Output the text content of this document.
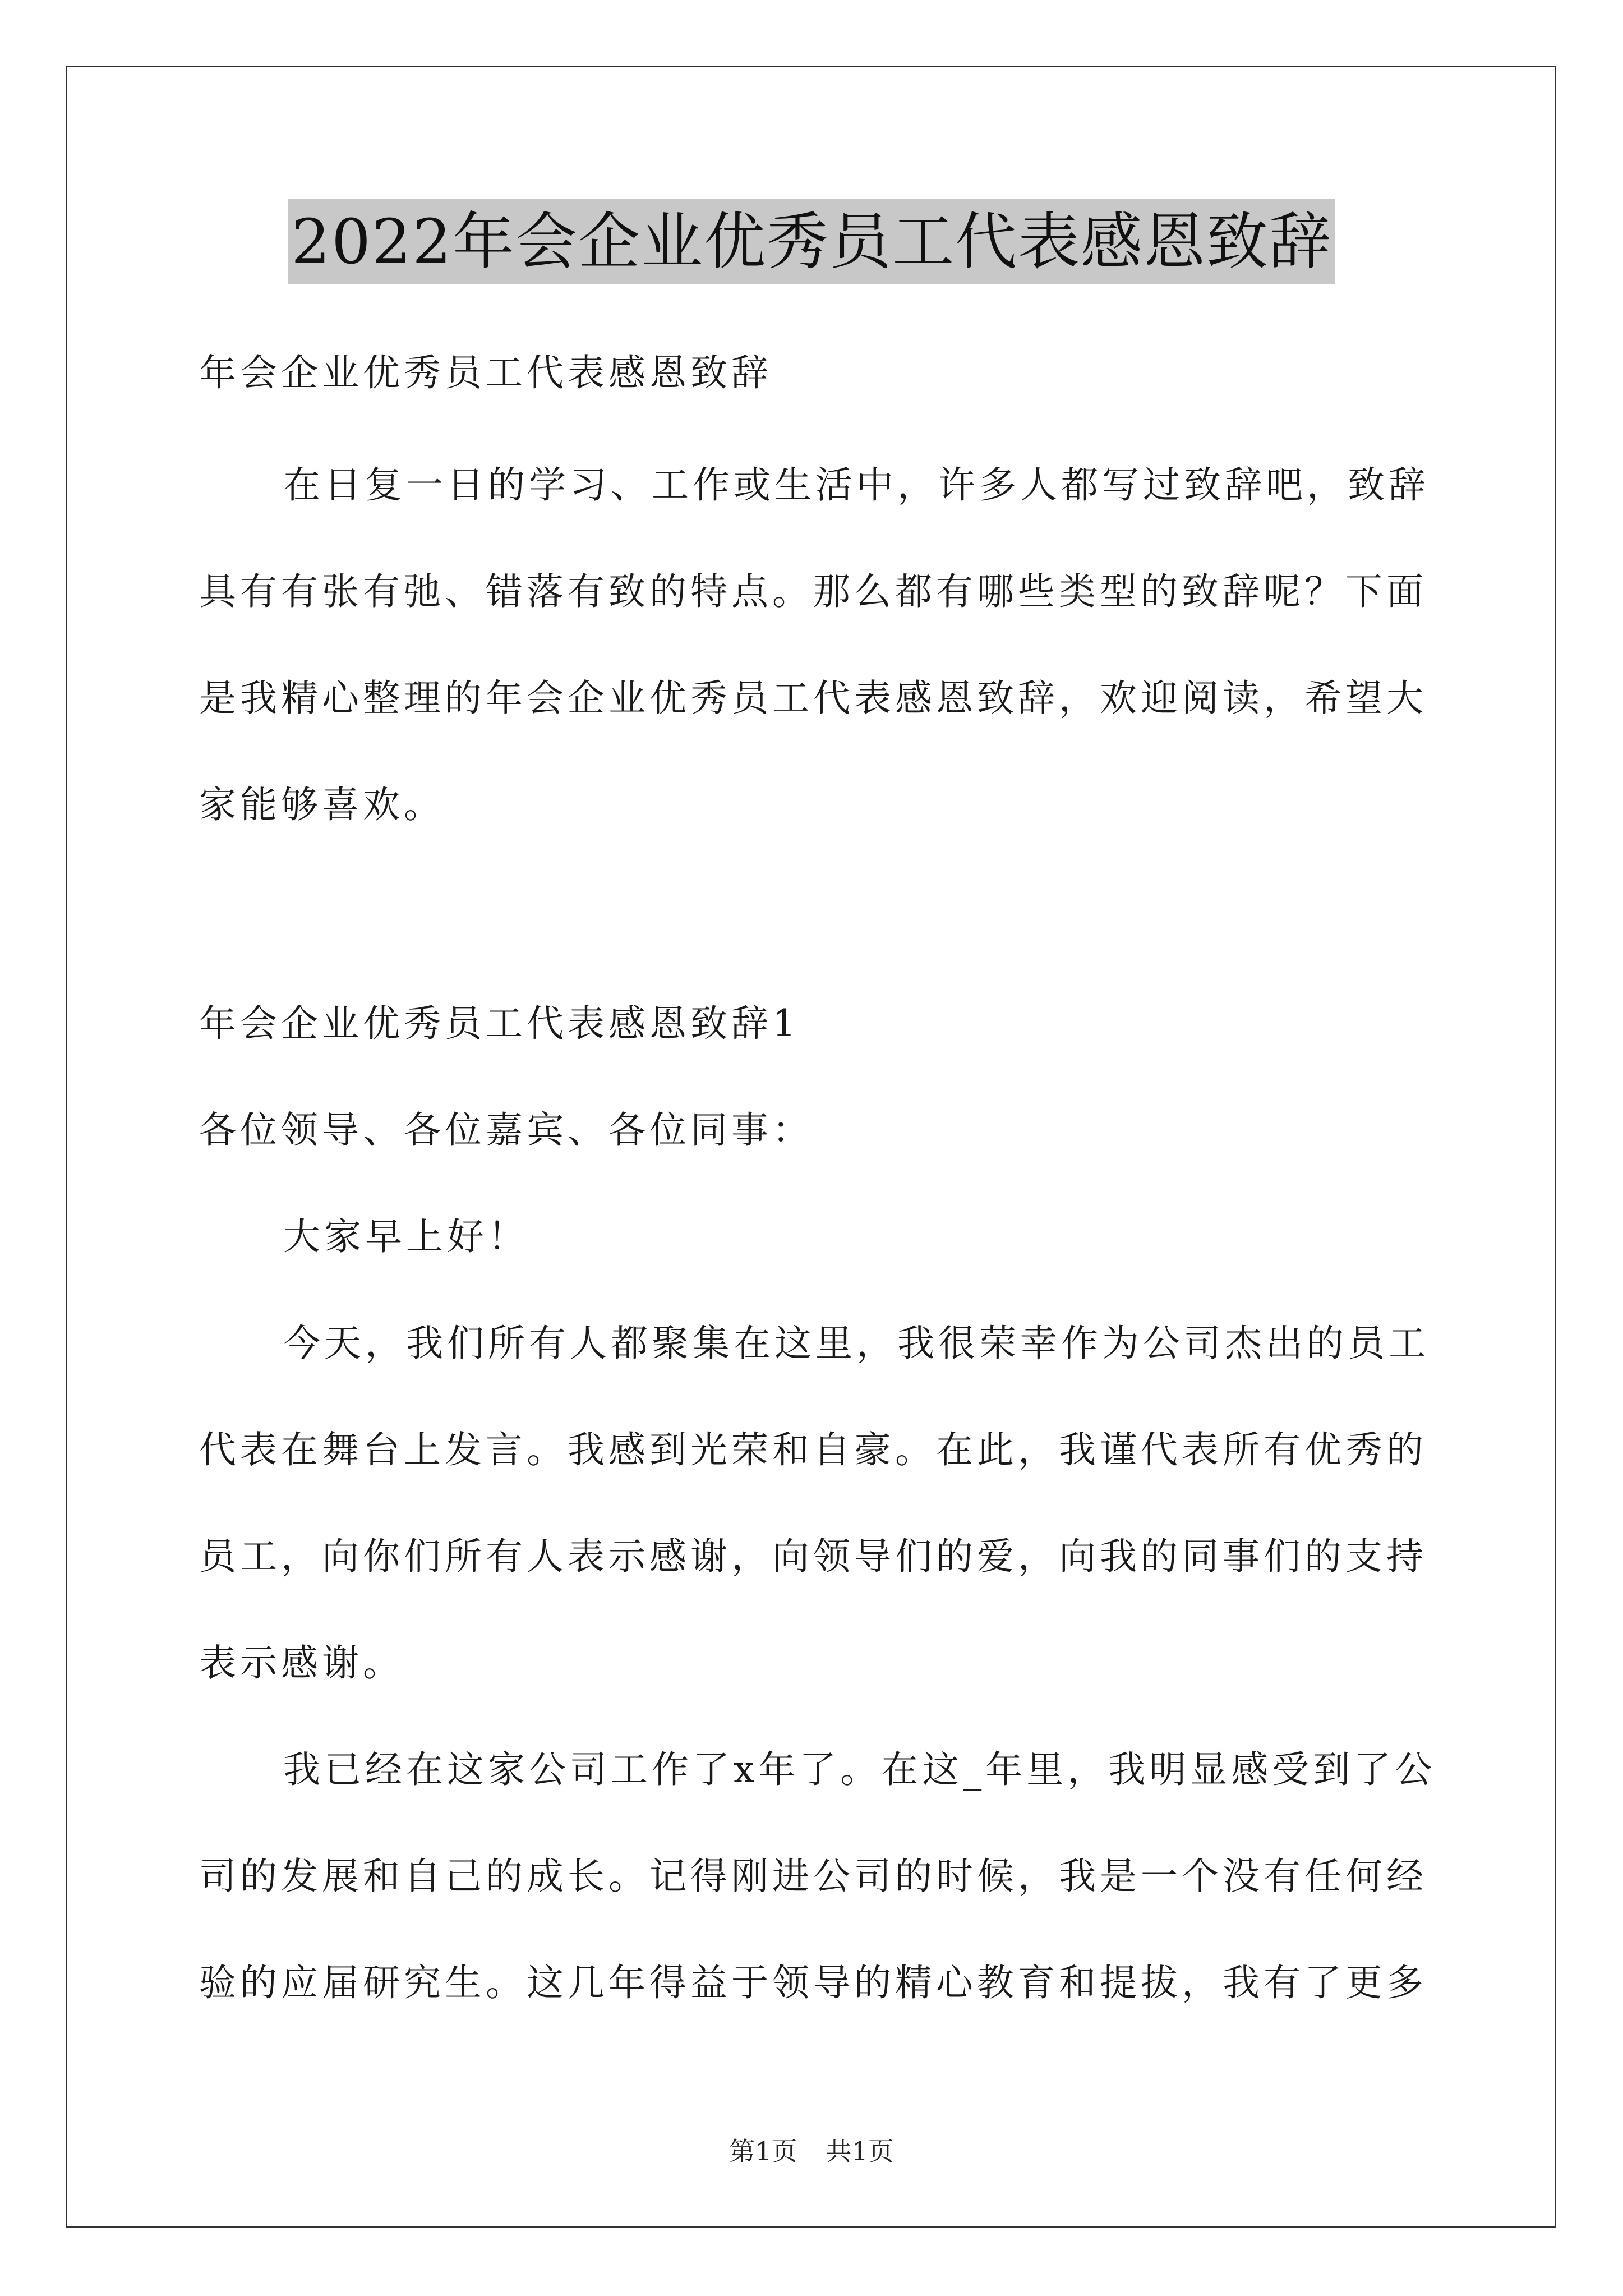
2022年会企业优秀员工代表感恩致辞
年会企业优秀员工代表感恩致辞
在日复一日的学习、工作或生活中，许多人都写过致辞吧，致辞
具有有张有弛、错落有致的特点。那么都有哪些类型的致辞呢？下面
是我精心整理的年会企业优秀员工代表感恩致辞，欢迎阅读，希望大
家能够喜欢。
年会企业优秀员工代表感恩致辞1
各位领导、各位嘉宾、各位同事：
大家早上好！
今天，我们所有人都聚集在这里，我很荣幸作为公司杰出的员工
代表在舞台上发言。我感到光荣和自豪。在此，我谨代表所有优秀的
员工，向你们所有人表示感谢，向领导们的爱，向我的同事们的支持
表示感谢。
我已经在这家公司工作了x年了。在这_年里，我明显感受到了公
司的发展和自己的成长。记得刚进公司的时候，我是一个没有任何经
验的应届研究生。这几年得益于领导的精心教育和提拔，我有了更多
第1页 共1页
